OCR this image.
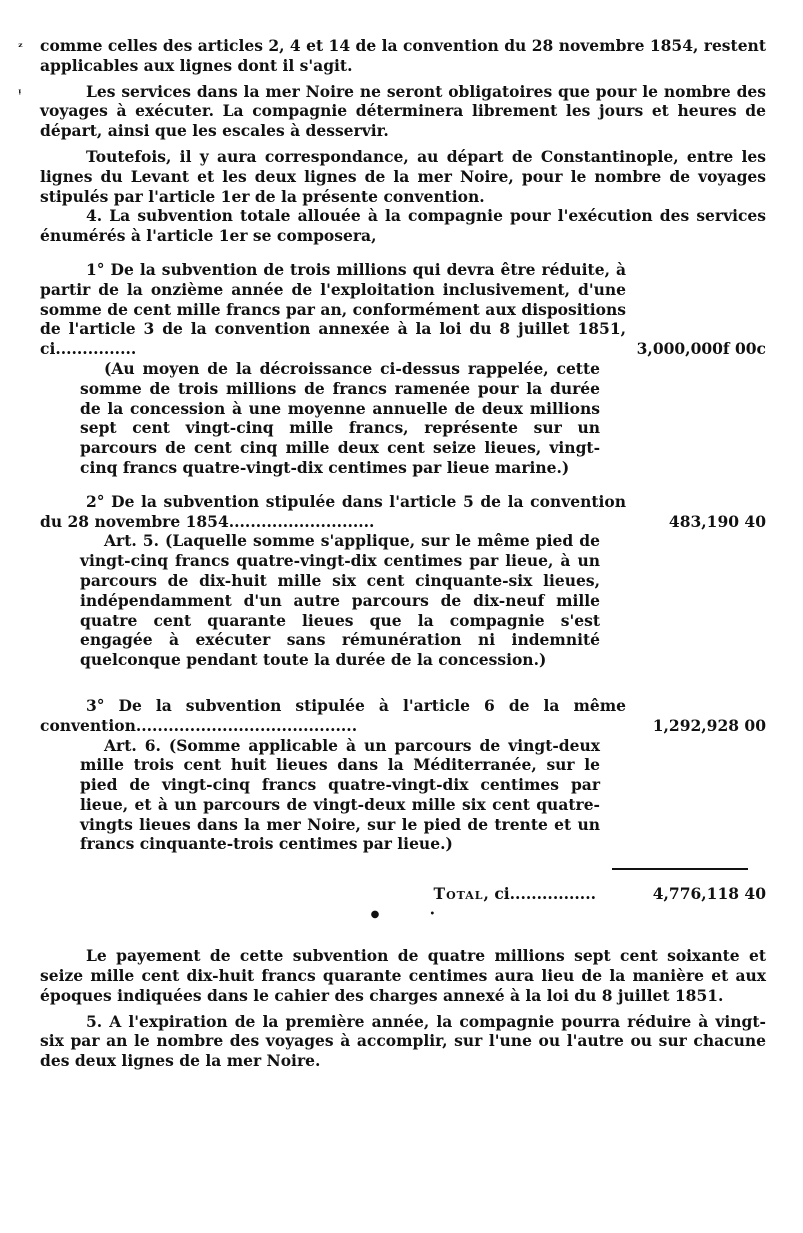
ᶻ
ᵎ

comme celles des articles 2, 4 et 14 de la convention du 28 novembre 1854, restent applicables aux lignes dont il s'agit.

Les services dans la mer Noire ne seront obligatoires que pour le nombre des voyages à exécuter. La compagnie déterminera librement les jours et heures de départ, ainsi que les escales à desservir.

Toutefois, il y aura correspondance, au départ de Constantinople, entre les lignes du Levant et les deux lignes de la mer Noire, pour le nombre de voyages stipulés par l'article 1er de la présente convention.

4. La subvention totale allouée à la compagnie pour l'exécution des services énumérés à l'article 1er se composera,

1° De la subvention de trois millions qui devra être réduite, à partir de la onzième année de l'exploitation inclusivement, d'une somme de cent mille francs par an, conformément aux dispositions de l'article 3 de la convention annexée à la loi du 8 juillet 1851, ci...............	3,000,000f 00c
(Au moyen de la décroissance ci-dessus rappelée, cette somme de trois millions de francs ramenée pour la durée de la concession à une moyenne annuelle de deux millions sept cent vingt-cinq mille francs, représente sur un parcours de cent cinq mille deux cent seize lieues, vingt-cinq francs quatre-vingt-dix centimes par lieue marine.)
2° De la subvention stipulée dans l'article 5 de la convention du 28 novembre 1854...........................	483,190 40
Art. 5. (Laquelle somme s'applique, sur le même pied de vingt-cinq francs quatre-vingt-dix centimes par lieue, à un parcours de dix-huit mille six cent cinquante-six lieues, indépendamment d'un autre parcours de dix-neuf mille quatre cent quarante lieues que la compagnie s'est engagée à exécuter sans rémunération ni indemnité quelconque pendant toute la durée de la concession.)
3° De la subvention stipulée à l'article 6 de la même convention.........................................	1,292,928 00
Art. 6. (Somme applicable à un parcours de vingt-deux mille trois cent huit lieues dans la Méditerranée, sur le pied de vingt-cinq francs quatre-vingt-dix centimes par lieue, et à un parcours de vingt-deux mille six cent quatre-vingts lieues dans la mer Noire, sur le pied de trente et un francs cinquante-trois centimes par lieue.)
Total, ci................	4,776,118 40
●	•

Le payement de cette subvention de quatre millions sept cent soixante et seize mille cent dix-huit francs quarante centimes aura lieu de la manière et aux époques indiquées dans le cahier des charges annexé à la loi du 8 juillet 1851.

5. A l'expiration de la première année, la compagnie pourra réduire à vingt-six par an le nombre des voyages à accomplir, sur l'une ou l'autre ou sur chacune des deux lignes de la mer Noire.
